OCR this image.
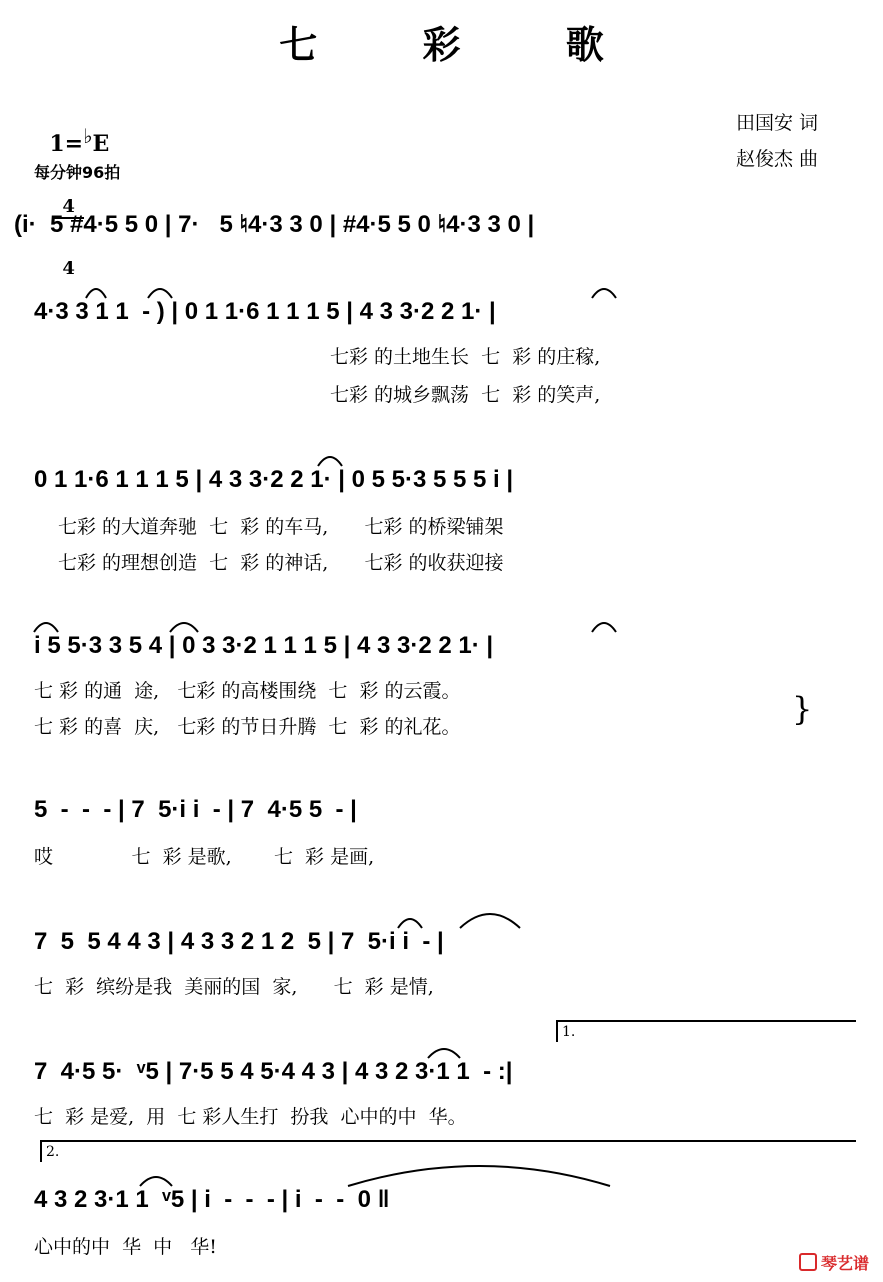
七 彩 歌

1=♭E

$\frac{4}{4}$

每分钟96拍
田国安 词
赵俊杰 曲
(i·  5 #4·5 5 0 | 7·   5 ♮4·3 3 0 | #4·5 5 0 ♮4·3 3 0 |
4·3 3 1 1  - ) | 0 1 1·6 1 1 1 5 | 4 3 3·2 2 1· |
七彩 的土地生长  七  彩 的庄稼,
七彩 的城乡飘荡  七  彩 的笑声,
0 1 1·6 1 1 1 5 | 4 3 3·2 2 1· | 0 5 5·3 5 5 5 i |
七彩 的大道奔驰  七  彩 的车马,      七彩 的桥梁铺架
七彩 的理想创造  七  彩 的神话,      七彩 的收获迎接
i 5 5·3 3 5 4 | 0 3 3·2 1 1 1 5 | 4 3 3·2 2 1· |
七 彩 的通  途,   七彩 的高楼围绕  七  彩 的云霞。
七 彩 的喜  庆,   七彩 的节日升腾  七  彩 的礼花。	}
5  -  -  - | 7  5·i i  - | 7  4·5 5  - |
哎             七  彩 是歌,       七  彩 是画,
7  5  5 4 4 3 | 4 3 3 2 1 2  5 | 7  5·i i  - |
七  彩  缤纷是我  美丽的国  家,      七  彩 是情,
1.
7  4·5 5·  ᵛ5 | 7·5 5 4 5·4 4 3 | 4 3 2 3·1 1  - :|
七  彩 是爱,  用  七 彩人生打  扮我  心中的中  华。
2.
4 3 2 3·1 1  ᵛ5 | i  -  -  - | i  -  -  0 ‖
心中的中  华  中   华!
琴艺谱
